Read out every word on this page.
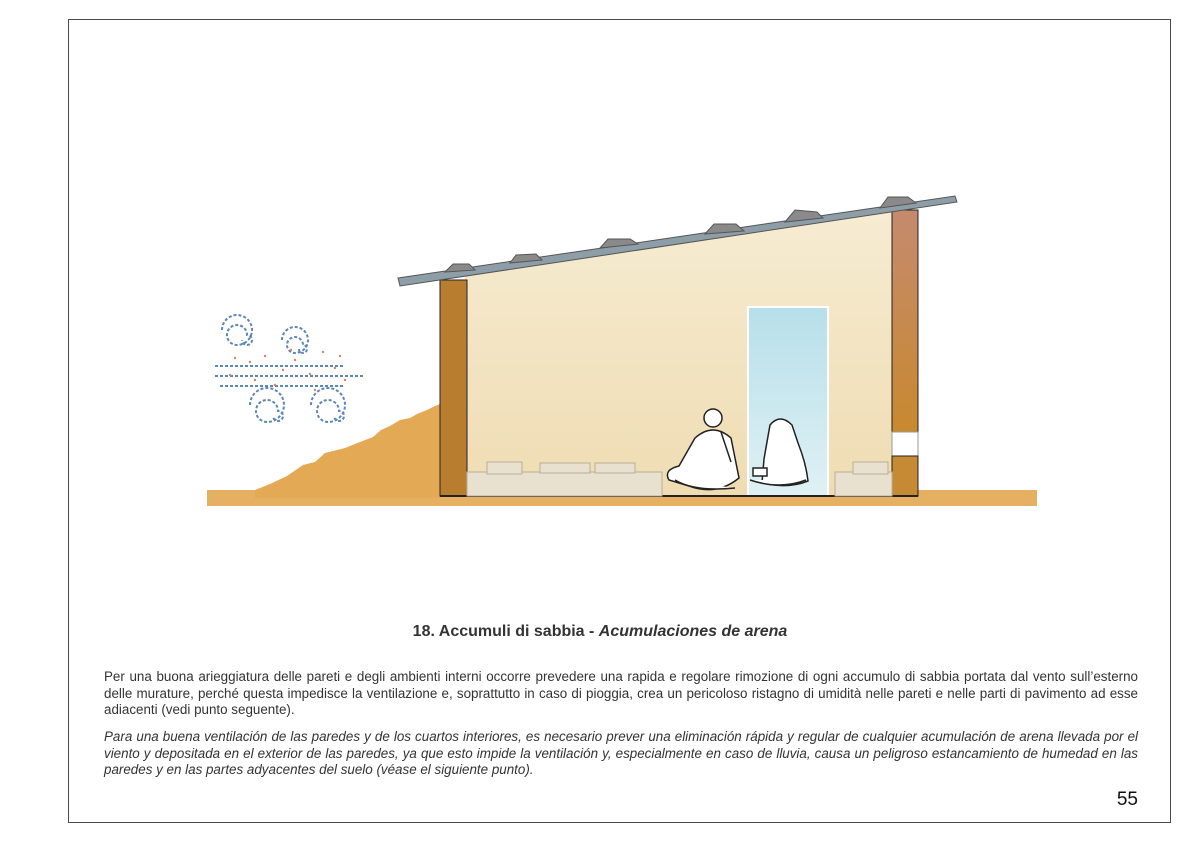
18. Accumuli di sabbia - Acumulaciones de arena

Per una buona arieggiatura delle pareti e degli ambienti interni occorre prevedere una rapida e regolare rimozione di ogni accumulo di sabbia portata dal vento sull’esterno delle murature, perché questa impedisce la ventilazione e, soprattutto in caso di pioggia, crea un pericoloso ristagno di umidità nelle pareti e nelle parti di pavimento ad esse adiacenti (vedi punto seguente).

Para una buena ventilación de las paredes y de los cuartos interiores, es necesario prever una eliminación rápida y regular de cualquier acumulación de arena llevada por el viento y depositada en el exterior de las paredes, ya que esto impide la ventilación y, especialmente en caso de lluvia, causa un peligroso estancamiento de humedad en las paredes y en las partes adyacentes del suelo (véase el siguiente punto).

55
